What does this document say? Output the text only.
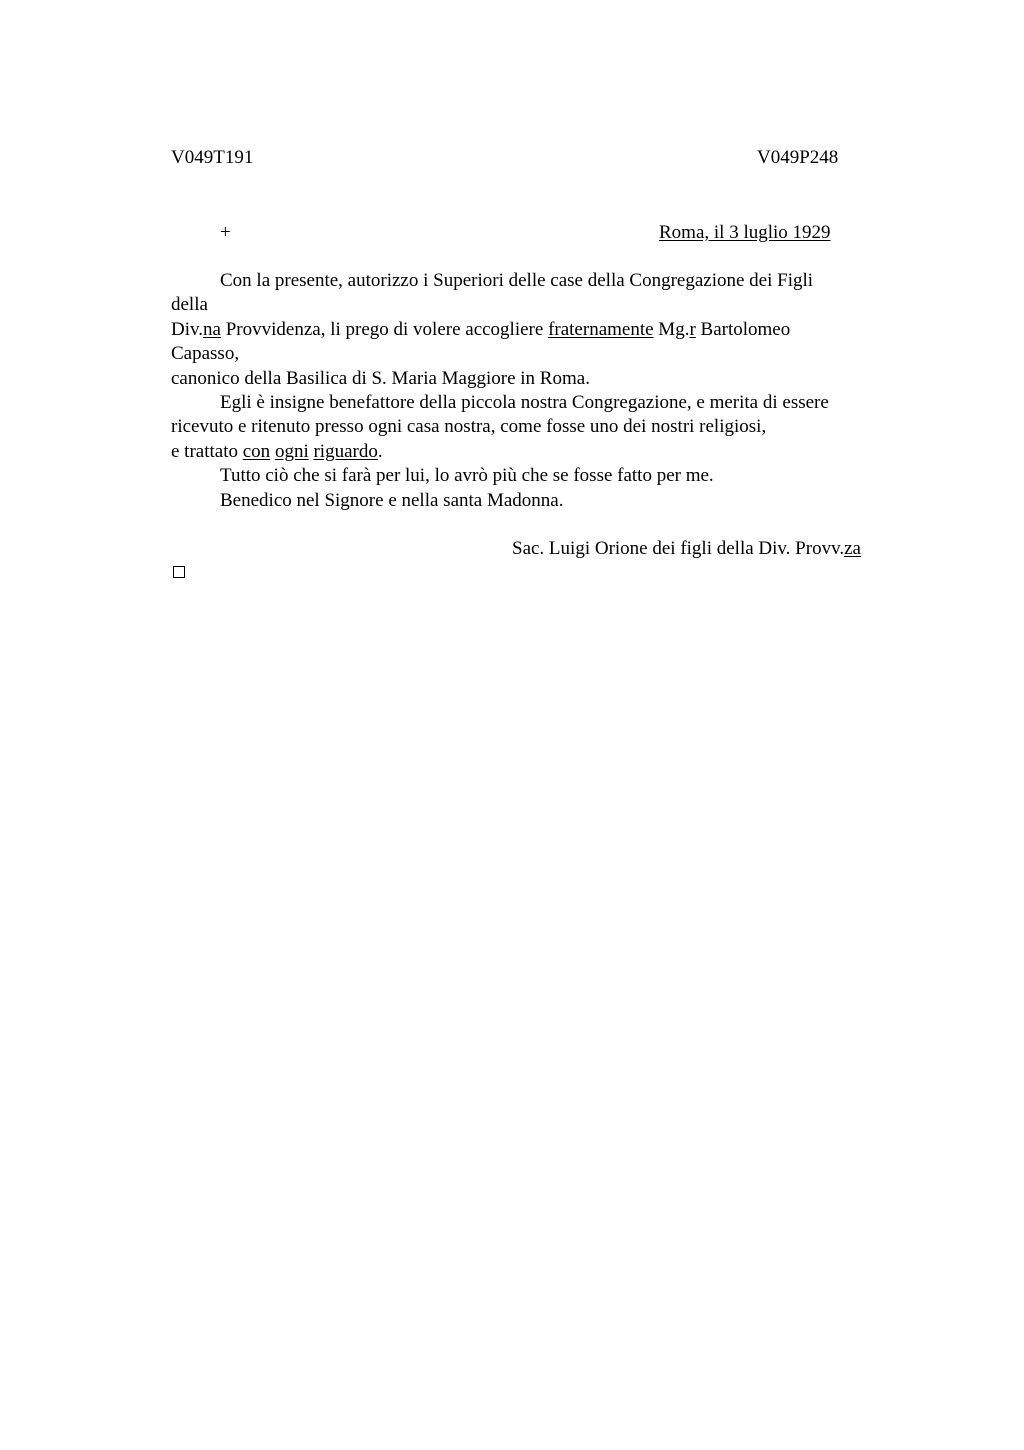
V049T191	V049P248
+	Roma, il 3 luglio 1929
Con la presente, autorizzo i Superiori delle case della Congregazione dei Figli
della
Div.na Provvidenza, li prego di volere accogliere fraternamente Mg.r Bartolomeo
Capasso,
canonico della Basilica di S. Maria Maggiore in Roma.
Egli è insigne benefattore della piccola nostra Congregazione, e merita di essere
ricevuto e ritenuto presso ogni casa nostra, come fosse uno dei nostri religiosi,
e trattato con ogni riguardo.
Tutto ciò che si farà per lui, lo avrò più che se fosse fatto per me.
Benedico nel Signore e nella santa Madonna.
Sac. Luigi Orione dei figli della Div. Provv.za
